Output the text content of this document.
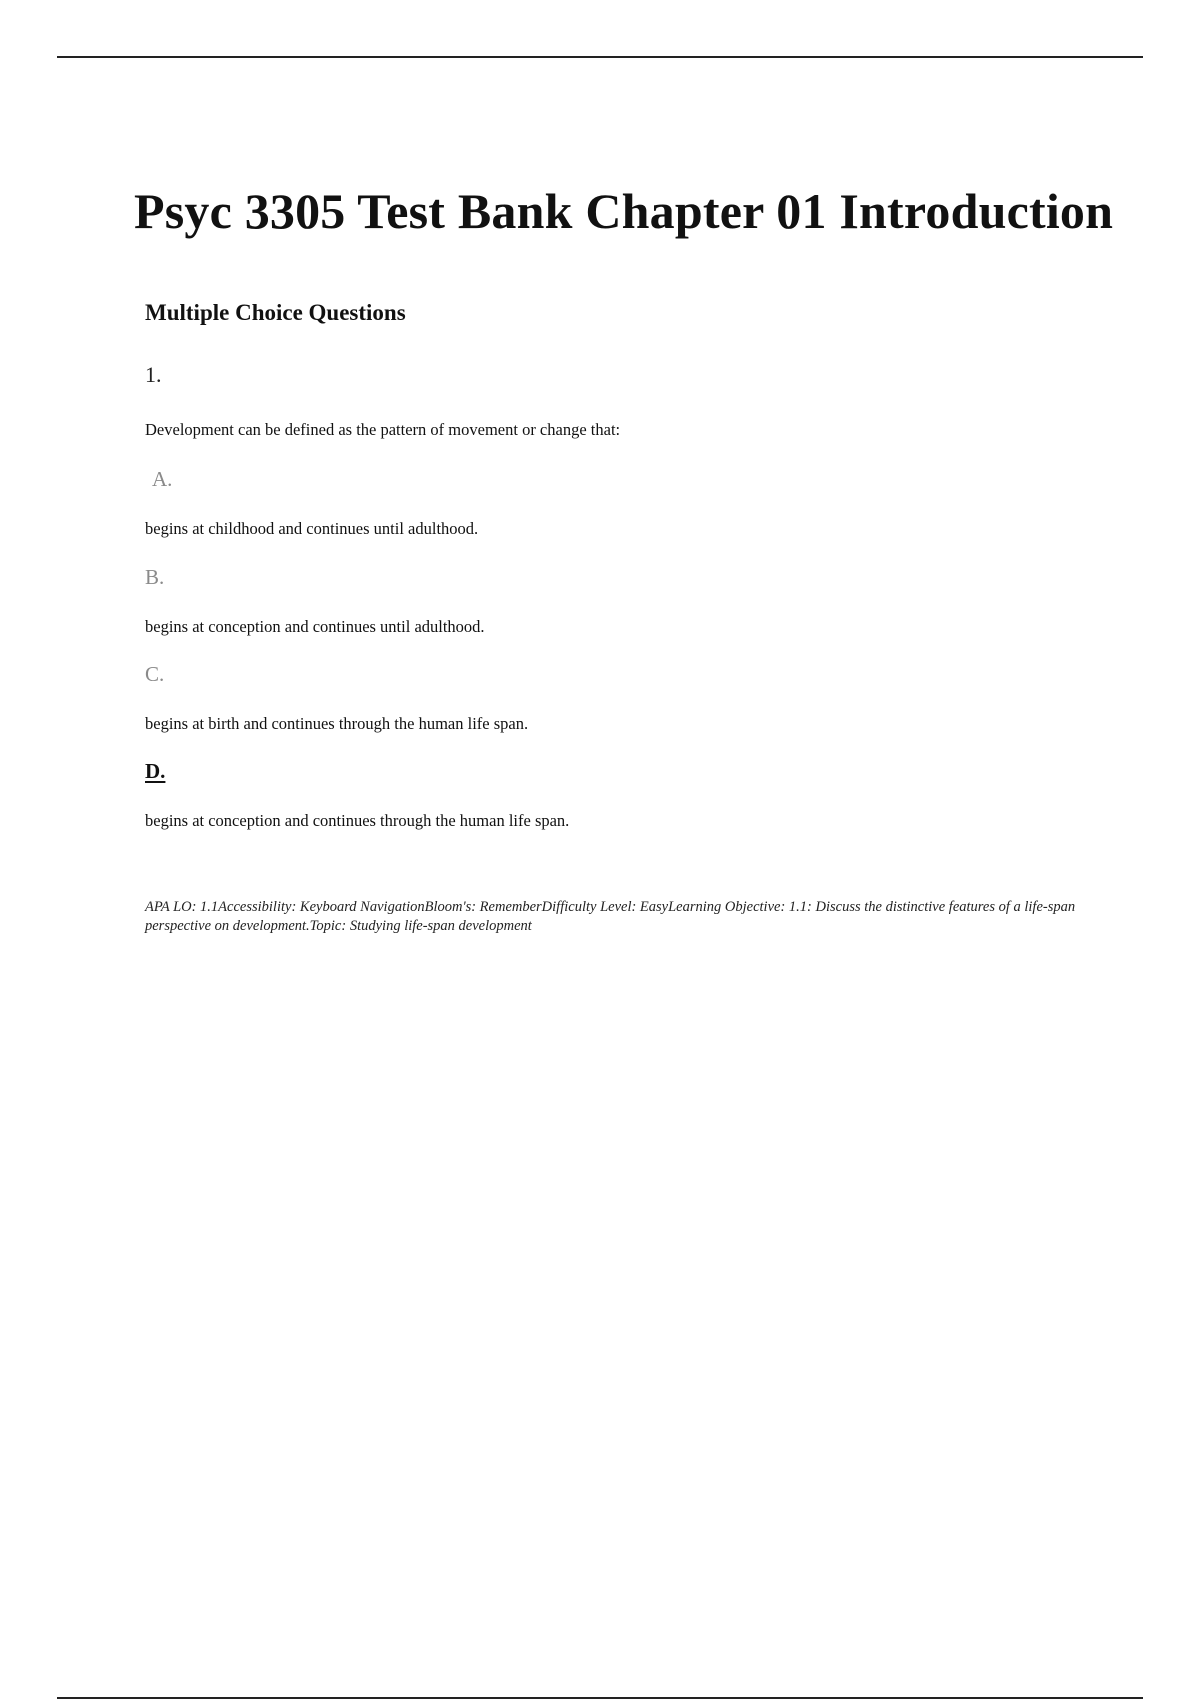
Psyc 3305 Test Bank Chapter 01 Introduction
Multiple Choice Questions
1.
Development can be defined as the pattern of movement or change that:
A.
begins at childhood and continues until adulthood.
B.
begins at conception and continues until adulthood.
C.
begins at birth and continues through the human life span.
D.
begins at conception and continues through the human life span.
APA LO: 1.1Accessibility: Keyboard NavigationBloom's: RememberDifficulty Level: EasyLearning Objective: 1.1: Discuss the distinctive features of a life-span perspective on development.Topic: Studying life-span development
